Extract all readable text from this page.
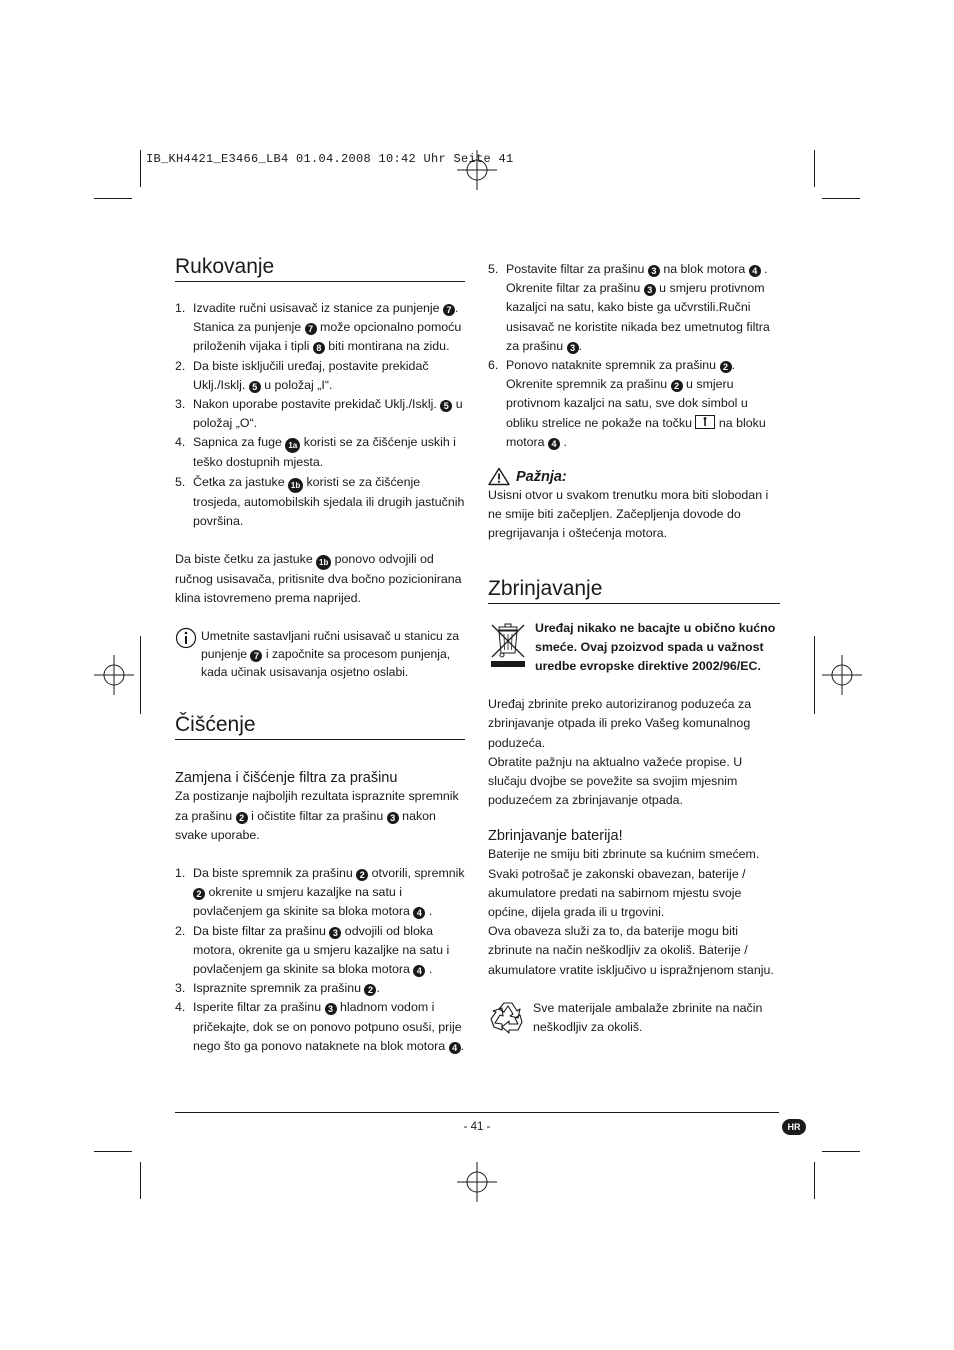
IB_KH4421_E3466_LB4 01.04.2008 10:42 Uhr Seite 41
Rukovanje
1. Izvadite ručni usisavač iz stanice za punjenje 7 . Stanica za punjenje 7 može opcionalno pomoću priloženih vijaka i tipli 8 biti montirana na zidu.
2. Da biste isključili uređaj, postavite prekidač Uklj./Isklj. 5 u položaj „I“.
3. Nakon uporabe postavite prekidač Uklj./Isklj. 5 u položaj „O“.
4. Sapnica za fuge 1a koristi se za čišćenje uskih i teško dostupnih mjesta.
5. Četka za jastuke 1b koristi se za čišćenje trosjeda, automobilskih sjedala ili drugih jastučnih površina.

Da biste četku za jastuke 1b ponovo odvojili od ručnog usisavača, pritisnite dva bočno pozicionirana klina istovremeno prema naprijed.

Umetnite sastavljani ručni usisavač u stanicu za punjenje 7 i započnite sa procesom punjenja, kada učinak usisavanja osjetno oslabi.

Čišćenje
Zamjena i čišćenje filtra za prašinu

Za postizanje najboljih rezultata ispraznite spremnik za prašinu 2 i očistite filtar za prašinu 3 nakon svake uporabe.

1. Da biste spremnik za prašinu 2 otvorili, spremnik 2 okrenite u smjeru kazaljke na satu i povlačenjem ga skinite sa bloka motora 4 .
2. Da biste filtar za prašinu 3 odvojili od bloka motora, okrenite ga u smjeru kazaljke na satu i povlačenjem ga skinite sa bloka motora 4 .
3. Ispraznite spremnik za prašinu 2 .
4. Isperite filtar za prašinu 3 hladnom vodom i pričekajte, dok se on ponovo potpuno osuši, prije nego što ga ponovo nataknete na blok motora 4 .
5. Postavite filtar za prašinu 3 na blok motora 4 . Okrenite filtar za prašinu 3 u smjeru protivnom kazaljci na satu, kako biste ga učvrstili.Ručni usisavač ne koristite nikada bez umetnutog filtra za prašinu 3 .
6. Ponovo nataknite spremnik za prašinu 2 . Okrenite spremnik za prašinu 2 u smjeru protivnom kazaljci na satu, sve dok simbol u obliku strelice ne pokaže na točku  na bloku motora 4 .
Pažnja:

Usisni otvor u svakom trenutku mora biti slobodan i ne smije biti začepljen. Začepljenja dovode do pregrijavanja i oštećenja motora.

Zbrinjavanje

Uređaj nikako ne bacajte u obično kućno smeće. Ovaj pzoizvod spada u važnost uredbe evropske direktive 2002/96/EC.

Uređaj zbrinite preko autoriziranog poduzeća za zbrinjavanje otpada ili preko Vašeg komunalnog poduzeća.

Obratite pažnju na aktualno važeće propise. U slučaju dvojbe se povežite sa svojim mjesnim poduzećem za zbrinjavanje otpada.

Zbrinjavanje baterija!

Baterije ne smiju biti zbrinute sa kućnim smećem. Svaki potrošač je zakonski obavezan, baterije / akumulatore predati na sabirnom mjestu svoje općine, dijela grada ili u trgovini.

Ova obaveza služi za to, da baterije mogu biti zbrinute na način neškodljiv za okoliš. Baterije / akumulatore vratite isključivo u ispražnjenom stanju.

Sve materijale ambalaže zbrinite na način neškodljiv za okoliš.

- 41 -	HR
